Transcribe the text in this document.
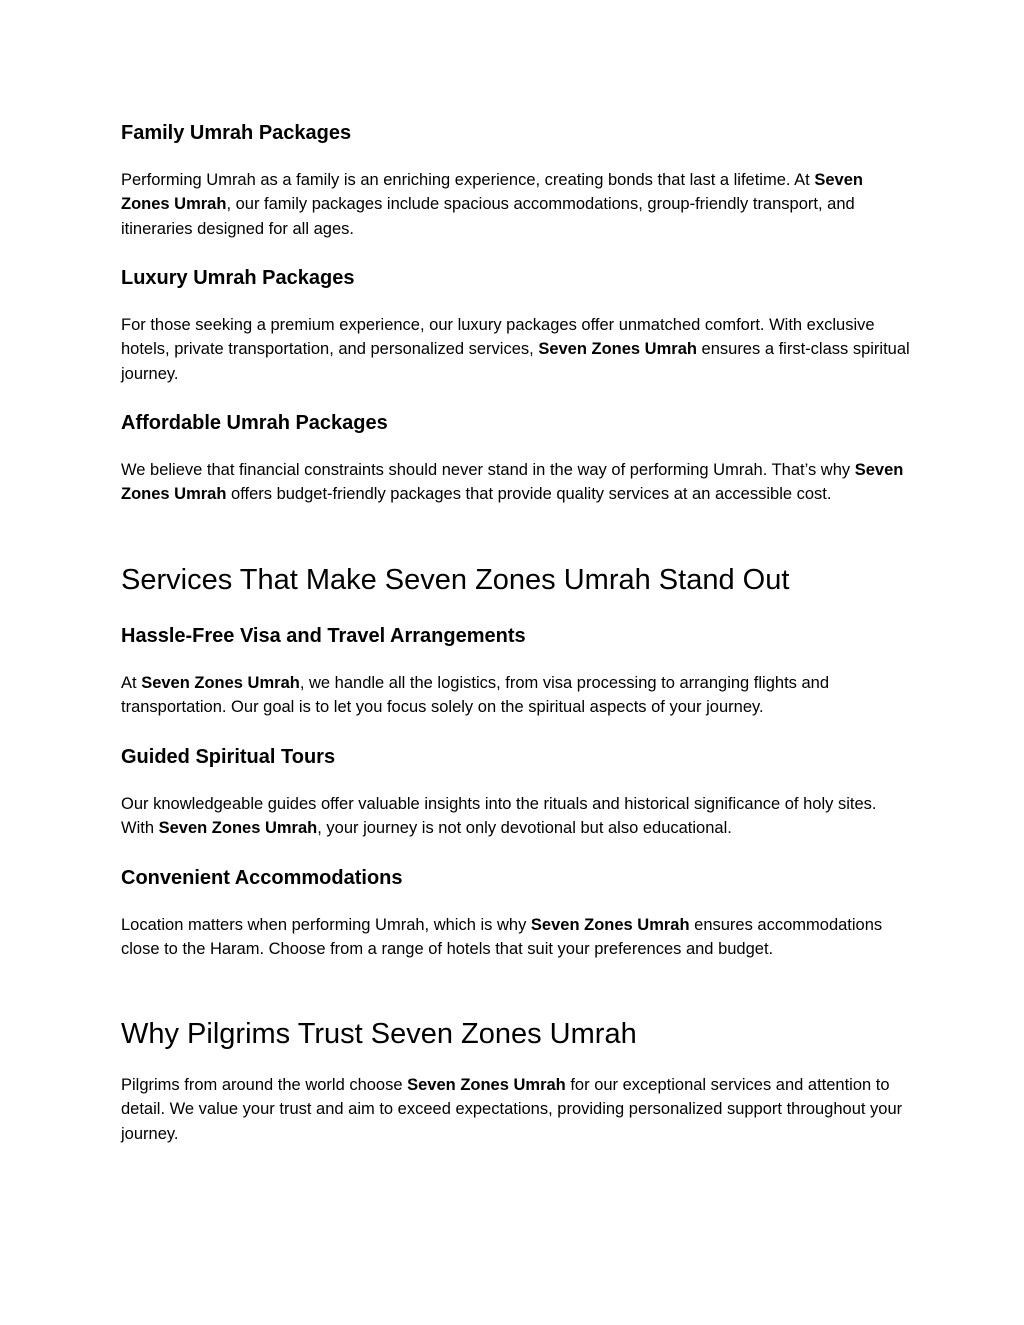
Family Umrah Packages

Performing Umrah as a family is an enriching experience, creating bonds that last a lifetime. At Seven Zones Umrah, our family packages include spacious accommodations, group-friendly transport, and itineraries designed for all ages.

Luxury Umrah Packages

For those seeking a premium experience, our luxury packages offer unmatched comfort. With exclusive hotels, private transportation, and personalized services, Seven Zones Umrah ensures a first-class spiritual journey.

Affordable Umrah Packages

We believe that financial constraints should never stand in the way of performing Umrah. That’s why Seven Zones Umrah offers budget-friendly packages that provide quality services at an accessible cost.

Services That Make Seven Zones Umrah Stand Out
Hassle-Free Visa and Travel Arrangements

At Seven Zones Umrah, we handle all the logistics, from visa processing to arranging flights and transportation. Our goal is to let you focus solely on the spiritual aspects of your journey.

Guided Spiritual Tours

Our knowledgeable guides offer valuable insights into the rituals and historical significance of holy sites. With Seven Zones Umrah, your journey is not only devotional but also educational.

Convenient Accommodations

Location matters when performing Umrah, which is why Seven Zones Umrah ensures accommodations close to the Haram. Choose from a range of hotels that suit your preferences and budget.

Why Pilgrims Trust Seven Zones Umrah

Pilgrims from around the world choose Seven Zones Umrah for our exceptional services and attention to detail. We value your trust and aim to exceed expectations, providing personalized support throughout your journey.
